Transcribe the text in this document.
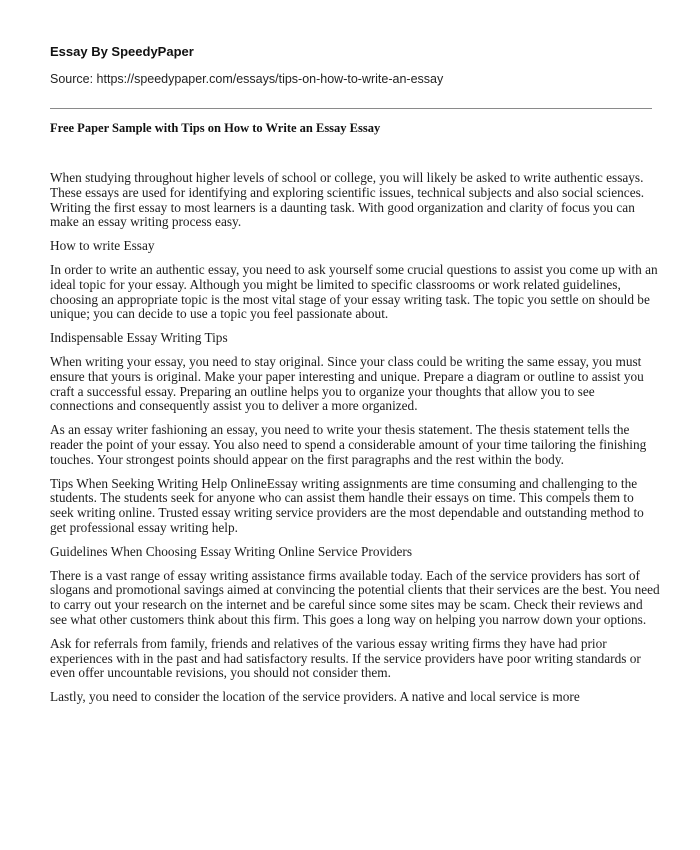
Essay By SpeedyPaper

Source: https://speedypaper.com/essays/tips-on-how-to-write-an-essay

Free Paper Sample with Tips on How to Write an Essay Essay

When studying throughout higher levels of school or college, you will likely be asked to write authentic essays. These essays are used for identifying and exploring scientific issues, technical subjects and also social sciences. Writing the first essay to most learners is a daunting task. With good organization and clarity of focus you can make an essay writing process easy.

How to write Essay

In order to write an authentic essay, you need to ask yourself some crucial questions to assist you come up with an ideal topic for your essay. Although you might be limited to specific classrooms or work related guidelines, choosing an appropriate topic is the most vital stage of your essay writing task. The topic you settle on should be unique; you can decide to use a topic you feel passionate about.

Indispensable Essay Writing Tips

When writing your essay, you need to stay original. Since your class could be writing the same essay, you must ensure that yours is original. Make your paper interesting and unique. Prepare a diagram or outline to assist you craft a successful essay. Preparing an outline helps you to organize your thoughts that allow you to see connections and consequently assist you to deliver a more organized.

As an essay writer fashioning an essay, you need to write your thesis statement. The thesis statement tells the reader the point of your essay. You also need to spend a considerable amount of your time tailoring the finishing touches. Your strongest points should appear on the first paragraphs and the rest within the body.

Tips When Seeking Writing Help OnlineEssay writing assignments are time consuming and challenging to the students. The students seek for anyone who can assist them handle their essays on time. This compels them to seek writing online. Trusted essay writing service providers are the most dependable and outstanding method to get professional essay writing help.

Guidelines When Choosing Essay Writing Online Service Providers

There is a vast range of essay writing assistance firms available today. Each of the service providers has sort of slogans and promotional savings aimed at convincing the potential clients that their services are the best. You need to carry out your research on the internet and be careful since some sites may be scam. Check their reviews and see what other customers think about this firm. This goes a long way on helping you narrow down your options.

Ask for referrals from family, friends and relatives of the various essay writing firms they have had prior experiences with in the past and had satisfactory results. If the service providers have poor writing standards or even offer uncountable revisions, you should not consider them.

Lastly, you need to consider the location of the service providers. A native and local service is more
